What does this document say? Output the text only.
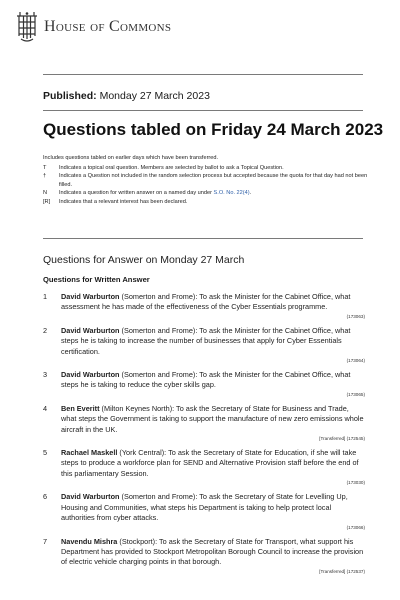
House of Commons
Published: Monday 27 March 2023
Questions tabled on Friday 24 March 2023
Includes questions tabled on earlier days which have been transferred.
T	Indicates a topical oral question. Members are selected by ballot to ask a Topical Question.
†	Indicates a Question not included in the random selection process but accepted because the quota for that day had not been filled.
N	Indicates a question for written answer on a named day under S.O. No. 22(4).
[R]	Indicates that a relevant interest has been declared.
Questions for Answer on Monday 27 March
Questions for Written Answer
1 David Warburton (Somerton and Frome): To ask the Minister for the Cabinet Office, what assessment he has made of the effectiveness of the Cyber Essentials programme.
(173063)
2 David Warburton (Somerton and Frome): To ask the Minister for the Cabinet Office, what steps he is taking to increase the number of businesses that apply for Cyber Essentials certification.
(173064)
3 David Warburton (Somerton and Frome): To ask the Minister for the Cabinet Office, what steps he is taking to reduce the cyber skills gap.
(173065)
4 Ben Everitt (Milton Keynes North): To ask the Secretary of State for Business and Trade, what steps the Government is taking to support the manufacture of new zero emissions whole aircraft in the UK.
[Transferred] (172545)
5 Rachael Maskell (York Central): To ask the Secretary of State for Education, if she will take steps to produce a workforce plan for SEND and Alternative Provision staff before the end of this parliamentary Session.
(173030)
6 David Warburton (Somerton and Frome): To ask the Secretary of State for Levelling Up, Housing and Communities, what steps his Department is taking to help protect local authorities from cyber attacks.
(173066)
7 Navendu Mishra (Stockport): To ask the Secretary of State for Transport, what support his Department has provided to Stockport Metropolitan Borough Council to increase the provision of electric vehicle charging points in that borough.
[Transferred] (172537)
